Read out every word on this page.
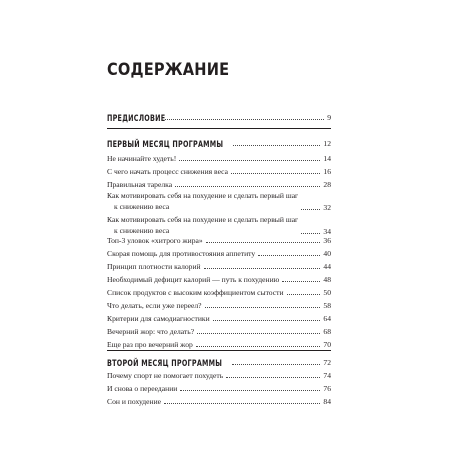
СОДЕРЖАНИЕ
ПРЕДИСЛОВИЕ	9
ПЕРВЫЙ МЕСЯЦ ПРОГРАММЫ	12
Не начинайте худеть!	14
С чего начать процесс снижения веса	16
Правильная тарелка	28
Как мотивировать себя на похудение и сделать первый шаг
к снижению веса	32
Как мотивировать себя на похудение и сделать первый шаг
к снижению веса	34
Топ-3 уловок «хитрого жира»	36
Скорая помощь для противостояния аппетиту	40
Принцип плотности калорий	44
Необходимый дефицит калорий — путь к похудению	48
Список продуктов с высоким коэффициентом сытости	50
Что делать, если уже переел?	58
Критерии для самодиагностики	64
Вечерний жор: что делать?	68
Еще раз про вечерний жор	70
ВТОРОЙ МЕСЯЦ ПРОГРАММЫ	72
Почему спорт не помогает похудеть	74
И снова о переедании	76
Сон и похудение	84
